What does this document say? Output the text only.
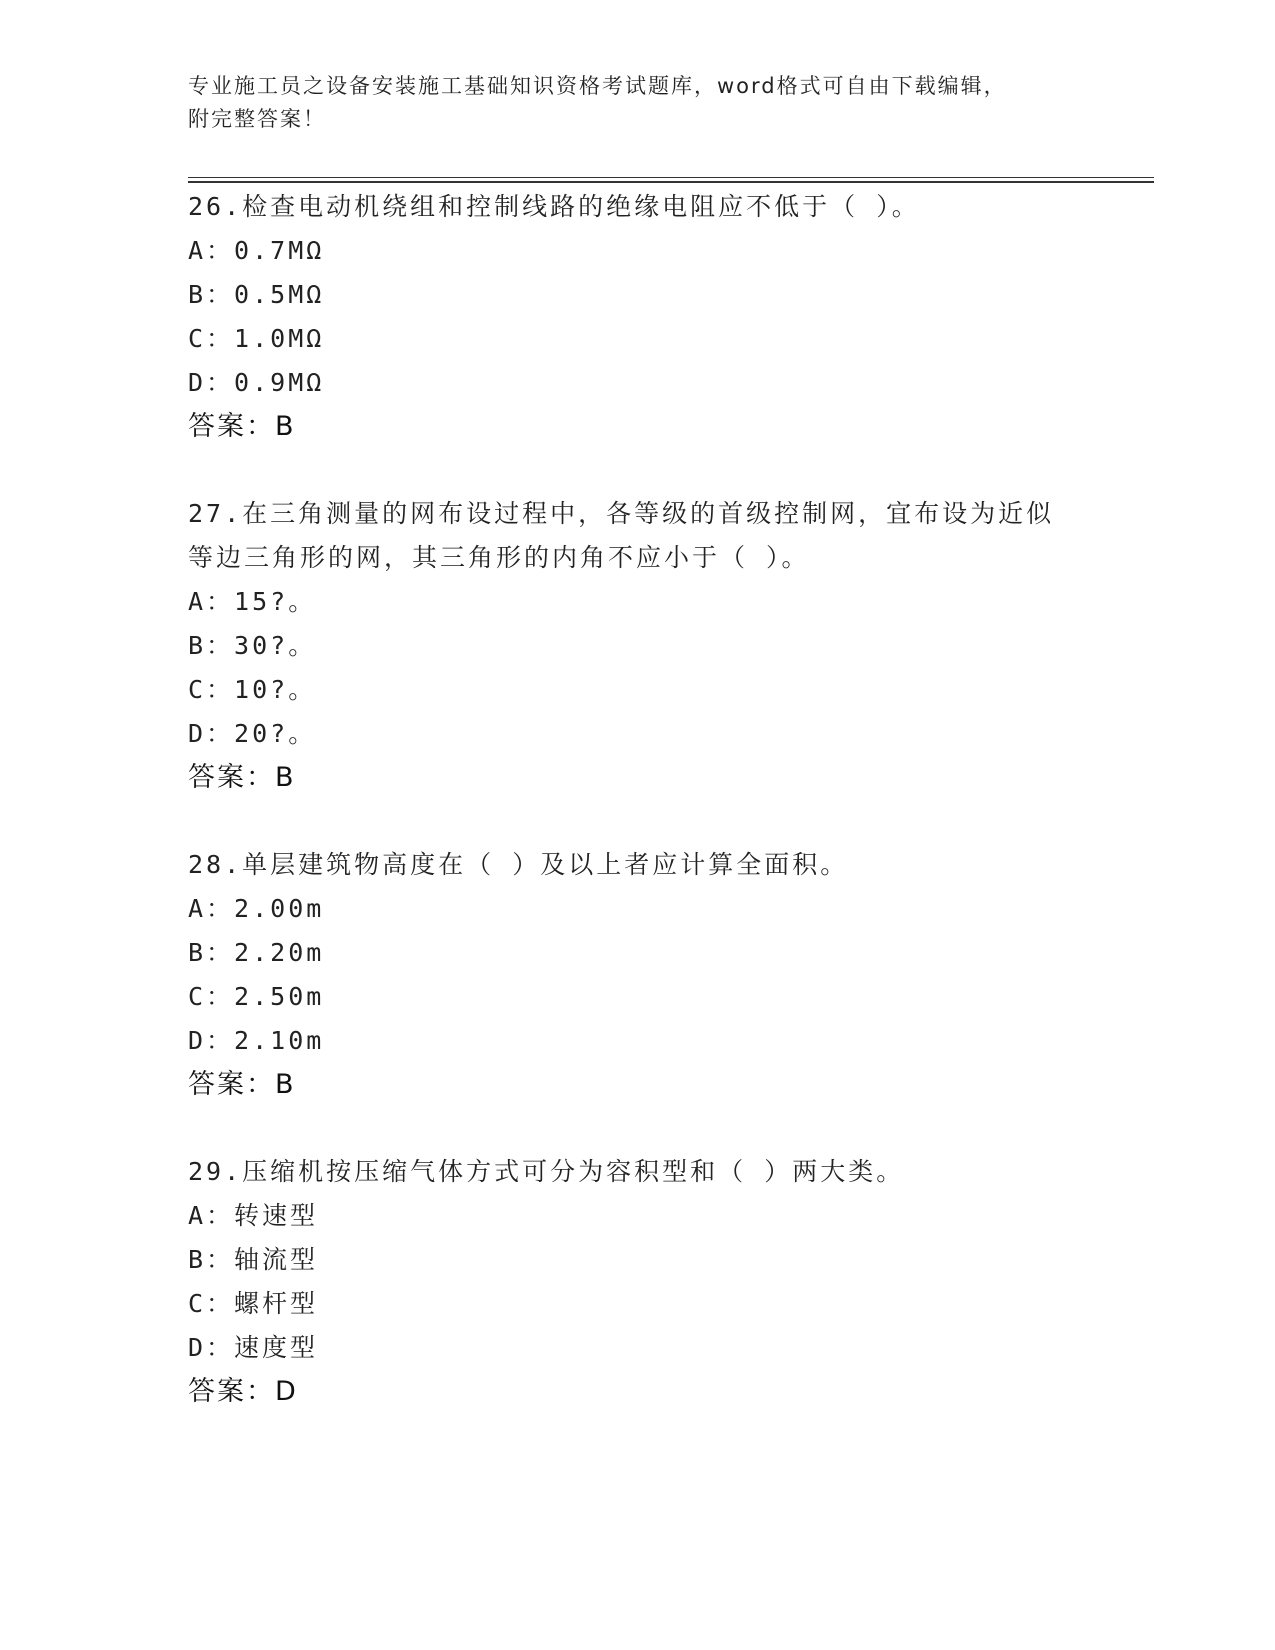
专业施工员之设备安装施工基础知识资格考试题库，word格式可自由下载编辑，
附完整答案！
26.检查电动机绕组和控制线路的绝缘电阻应不低于（ ）。
A：0.7MΩ
B：0.5MΩ
C：1.0MΩ
D：0.9MΩ
答案：B
27.在三角测量的网布设过程中，各等级的首级控制网，宜布设为近似
等边三角形的网，其三角形的内角不应小于（ ）。
A：15?。
B：30?。
C：10?。
D：20?。
答案：B
28.单层建筑物高度在（ ）及以上者应计算全面积。
A：2.00m
B：2.20m
C：2.50m
D：2.10m
答案：B
29.压缩机按压缩气体方式可分为容积型和（ ）两大类。
A：转速型
B：轴流型
C：螺杆型
D：速度型
答案：D
